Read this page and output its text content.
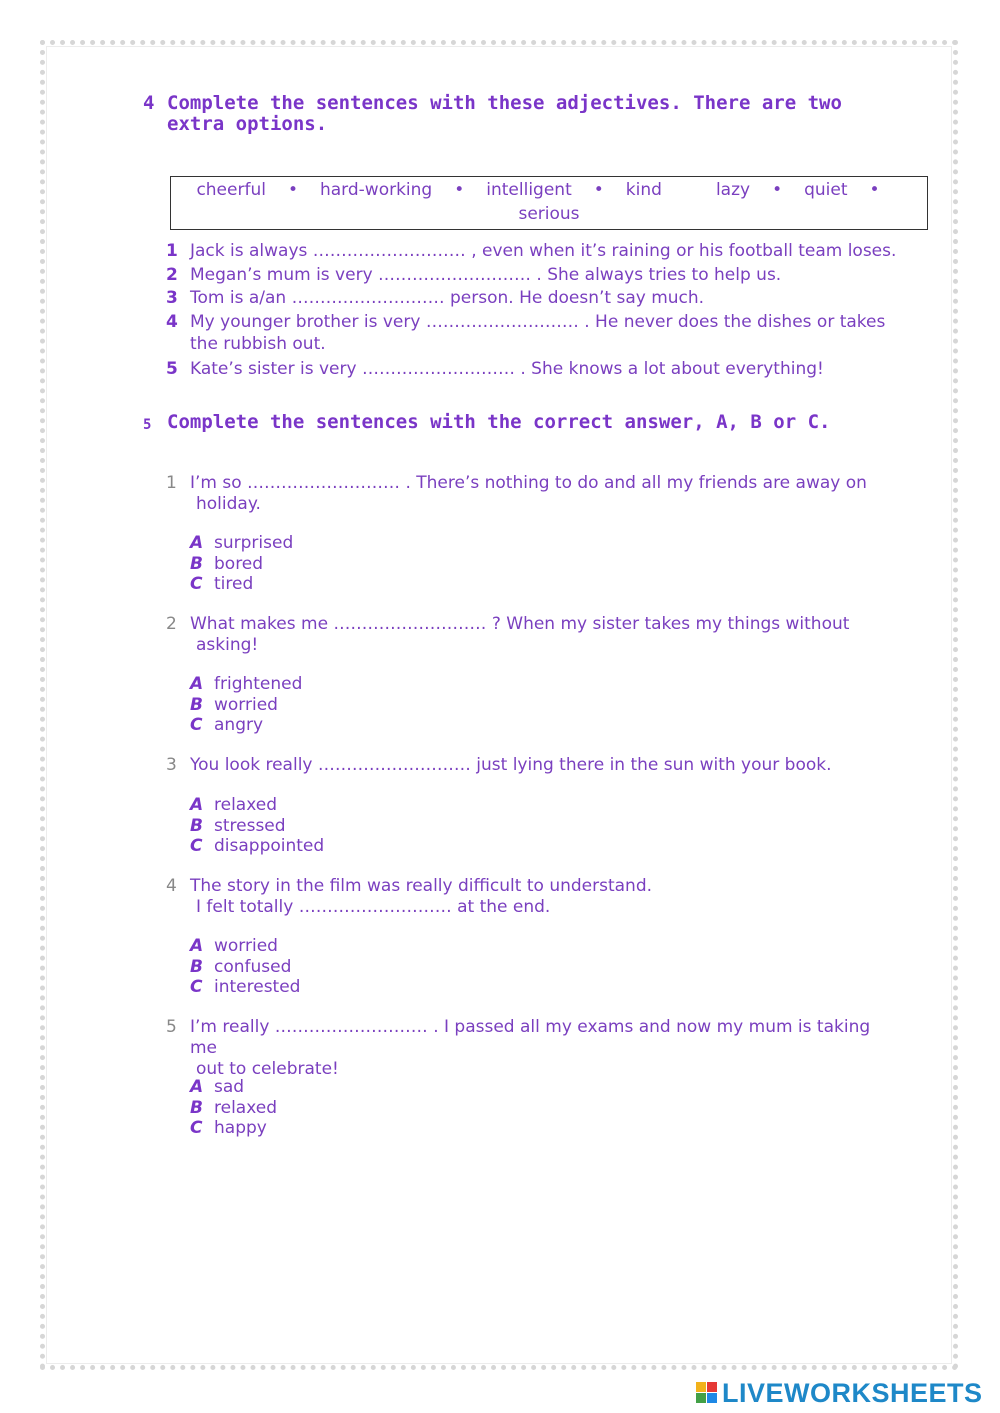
4 Complete the sentences with these adjectives. There are two
extra options.
cheerful • hard-working • intelligent • kind	lazy • quiet •
serious
1 Jack is always ……………………… , even when it’s raining or his football team loses.
2 Megan’s mum is very ……………………… . She always tries to help us.
3 Tom is a/an ……………………… person. He doesn’t say much.
4 My younger brother is very ……………………… . He never does the dishes or takes
the rubbish out.
5 Kate’s sister is very ……………………… . She knows a lot about everything!
5 Complete the sentences with the correct answer, A, B or C.
1 I’m so ……………………… . There’s nothing to do and all my friends are away on
holiday.
A surprised
B bored
C tired
2 What makes me ……………………… ? When my sister takes my things without
asking!
A frightened
B worried
C angry
3 You look really ……………………… just lying there in the sun with your book.
A relaxed
B stressed
C disappointed
4 The story in the film was really difficult to understand.
I felt totally ……………………… at the end.
A worried
B confused
C interested
5 I’m really ……………………… . I passed all my exams and now my mum is taking me
out to celebrate!
A sad
B relaxed
C happy
LIVEWORKSHEETS
